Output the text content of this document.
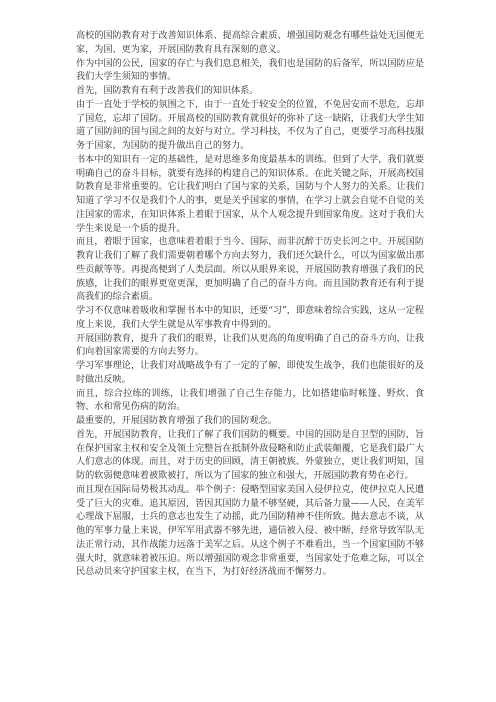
高校的国防教育对于改善知识体系、提高综合素质、增强国防观念有哪些益处无国便无家，为国、更为家，开展国防教育具有深刻的意义。

作为中国的公民，国家的存亡与我们息息相关，我们也是国防的后备军，所以国防应是我们大学生须知的事情。

首先，国防教育有利于改善我们的知识体系。

由于一直处于学校的氛围之下，由于一直处于较安全的位置，不免居安而不思危，忘却了国危，忘却了国防。开展高校的国防教育就很好的弥补了这一缺陷，让我们大学生知道了国防间的国与国之间的友好与对立。学习科技，不仅为了自己，更要学习高科技服务于国家，为国防的提升做出自己的努力。

书本中的知识有一定的基础性，是对思维多角度最基本的训练。但到了大学，我们就要明确自己的奋斗目标，就要有选择的构建自己的知识体系。在此关键之际，开展高校国防教育是非常重要的。它让我们明白了国与家的关系，国防与个人努力的关系。让我们知道了学习不仅是我们个人的事，更是关乎国家的事情，在学习上就会自觉不自觉的关注国家的需求，在知识体系上着眼于国家，从个人观念提升到国家角度。这对于我们大学生来说是一个质的提升。

而且，着眼于国家，也意味着着眼于当今、国际，而非沉醉于历史长河之中。开展国防教育让我们了解了我们需要朝着哪个方向去努力，我们还欠缺什么，可以为国家做出那些贡献等等。再提高便到了人类层面。所以从眼界来说，开展国防教育增强了我们的民族感，让我们的眼界更宽更深，更加明确了自己的奋斗方向。而且国防教育还有利于提高我们的综合素质。

学习不仅意味着吸收和掌握书本中的知识，还要“习”，即意味着综合实践，这从一定程度上来说，我们大学生就是从军事教育中得到的。

开展国防教育，提升了我们的眼界，让我们从更高的角度明确了自己的奋斗方向，让我们向着国家需要的方向去努力。

学习军事理论，让我们对战略战争有了一定的了解，即使发生战争，我们也能很好的及时做出反映。

而且，综合拉练的训练，让我们增强了自己生存能力，比如搭建临时帐篷、野炊、食物、水和常见伤病的防治。

最重要的，开展国防教育增强了我们的国防观念。

首先，开展国防教育，让我们了解了我们国防的概要。中国的国防是自卫型的国防，旨在保护国家主权和安全及领土完整旨在抵制外敌侵略和防止武装颠覆，它是我们最广大人们意志的体现。而且，对于历史的回顾，清王朝被族、外蒙独立，更让我们明知，国防的软弱便意味着被欺被打，所以为了国家的独立和强大，开展国防教育势在必行。

而且现在国际局势极其动乱。举个例子：侵略型国家美国入侵伊拉克，使伊拉克人民遭受了巨大的灾难。追其原因，皆因其国防力量不够坚硬，其后备力量——人民，在美军心理战下屈服，士兵的意志也发生了动摇，此乃国防精神不佳所致。抛去意志不谈，从他的军事力量上来说，伊军军用武器不够先进，通信被入侵、被中断，经常导致军队无法正常行动，其作战能力远落于美军之后。从这个例子不难看出，当一个国家国防不够强大时，就意味着被压迫。所以增强国防观念非常重要，当国家处于危难之际，可以全民总动员来守护国家主权，在当下，为打好经济战而不懈努力。
